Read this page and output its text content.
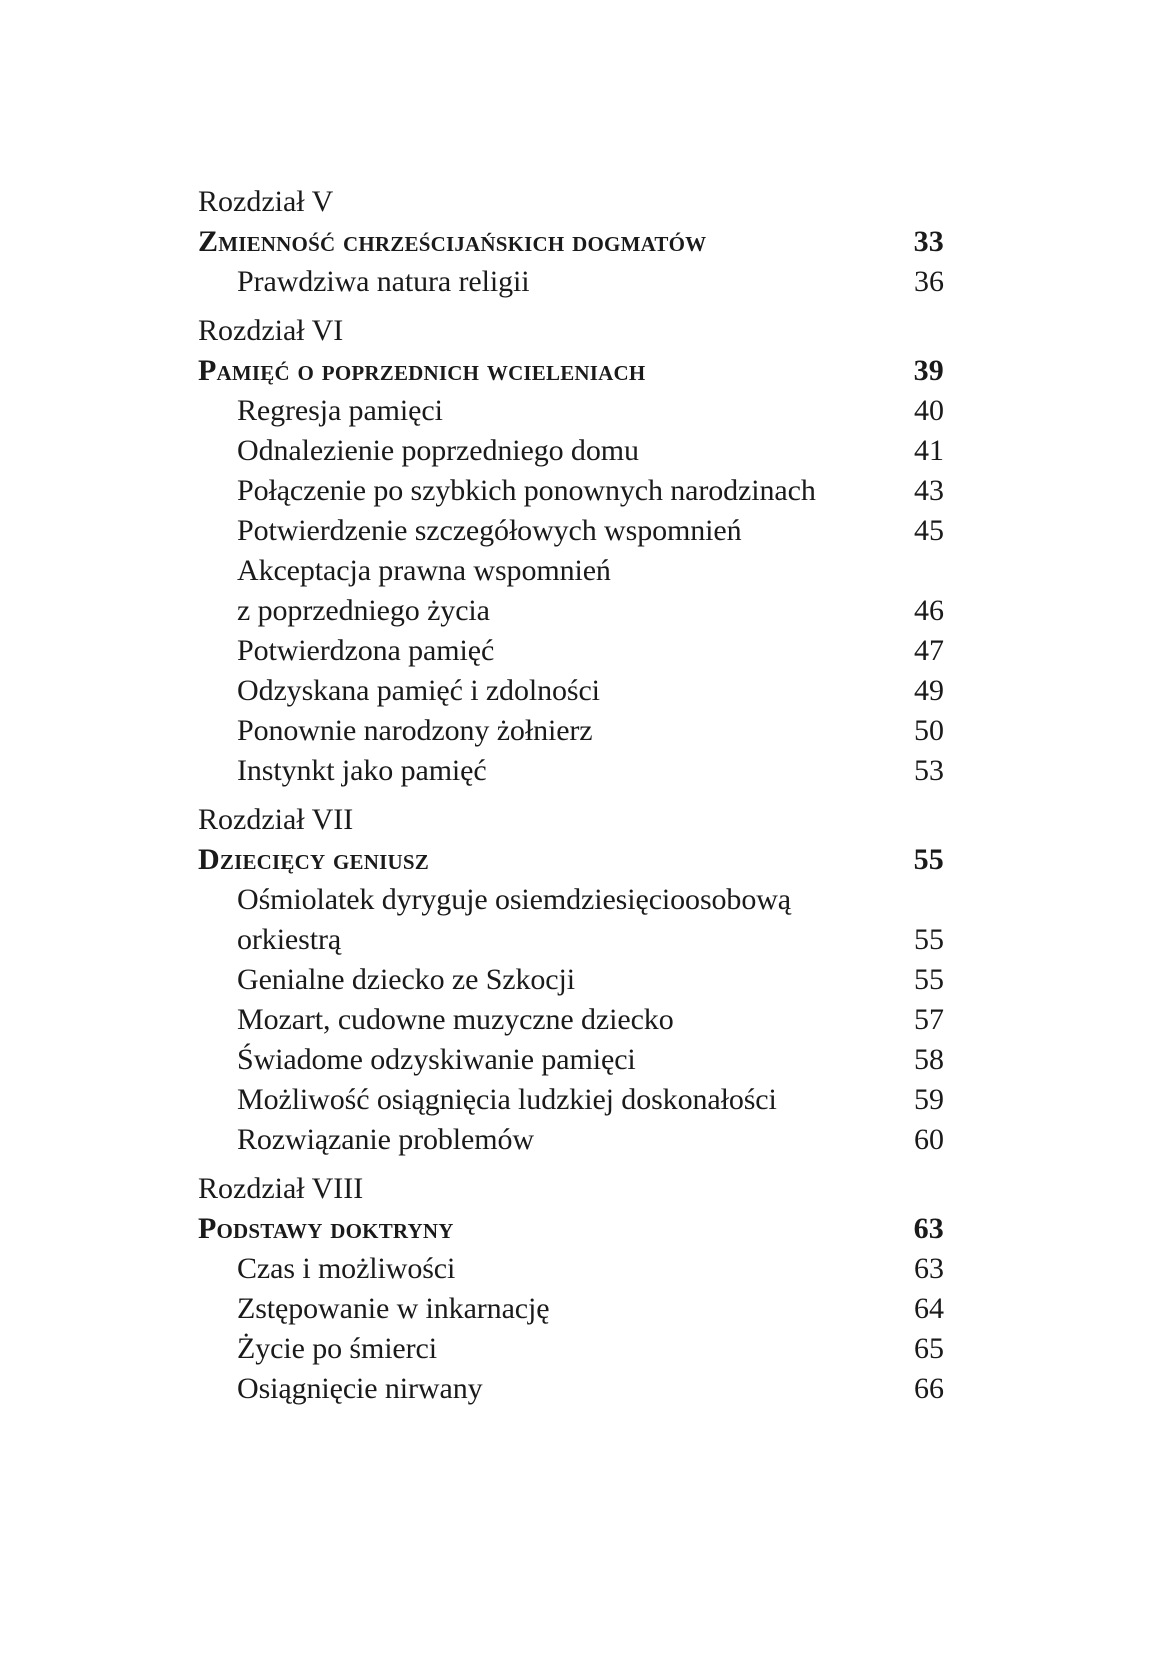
Rozdział V
Zmienność chrześcijańskich dogmatów	33
Prawdziwa natura religii	36
Rozdział VI
Pamięć o poprzednich wcieleniach	39
Regresja pamięci	40
Odnalezienie poprzedniego domu	41
Połączenie po szybkich ponownych narodzinach	43
Potwierdzenie szczegółowych wspomnień	45
Akceptacja prawna wspomnień
z poprzedniego życia	46
Potwierdzona pamięć	47
Odzyskana pamięć i zdolności	49
Ponownie narodzony żołnierz	50
Instynkt jako pamięć	53
Rozdział VII
Dziecięcy geniusz	55
Ośmiolatek dyryguje osiemdziesięcioosobową
orkiestrą	55
Genialne dziecko ze Szkocji	55
Mozart, cudowne muzyczne dziecko	57
Świadome odzyskiwanie pamięci	58
Możliwość osiągnięcia ludzkiej doskonałości	59
Rozwiązanie problemów	60
Rozdział VIII
Podstawy doktryny	63
Czas i możliwości	63
Zstępowanie w inkarnację	64
Życie po śmierci	65
Osiągnięcie nirwany	66
